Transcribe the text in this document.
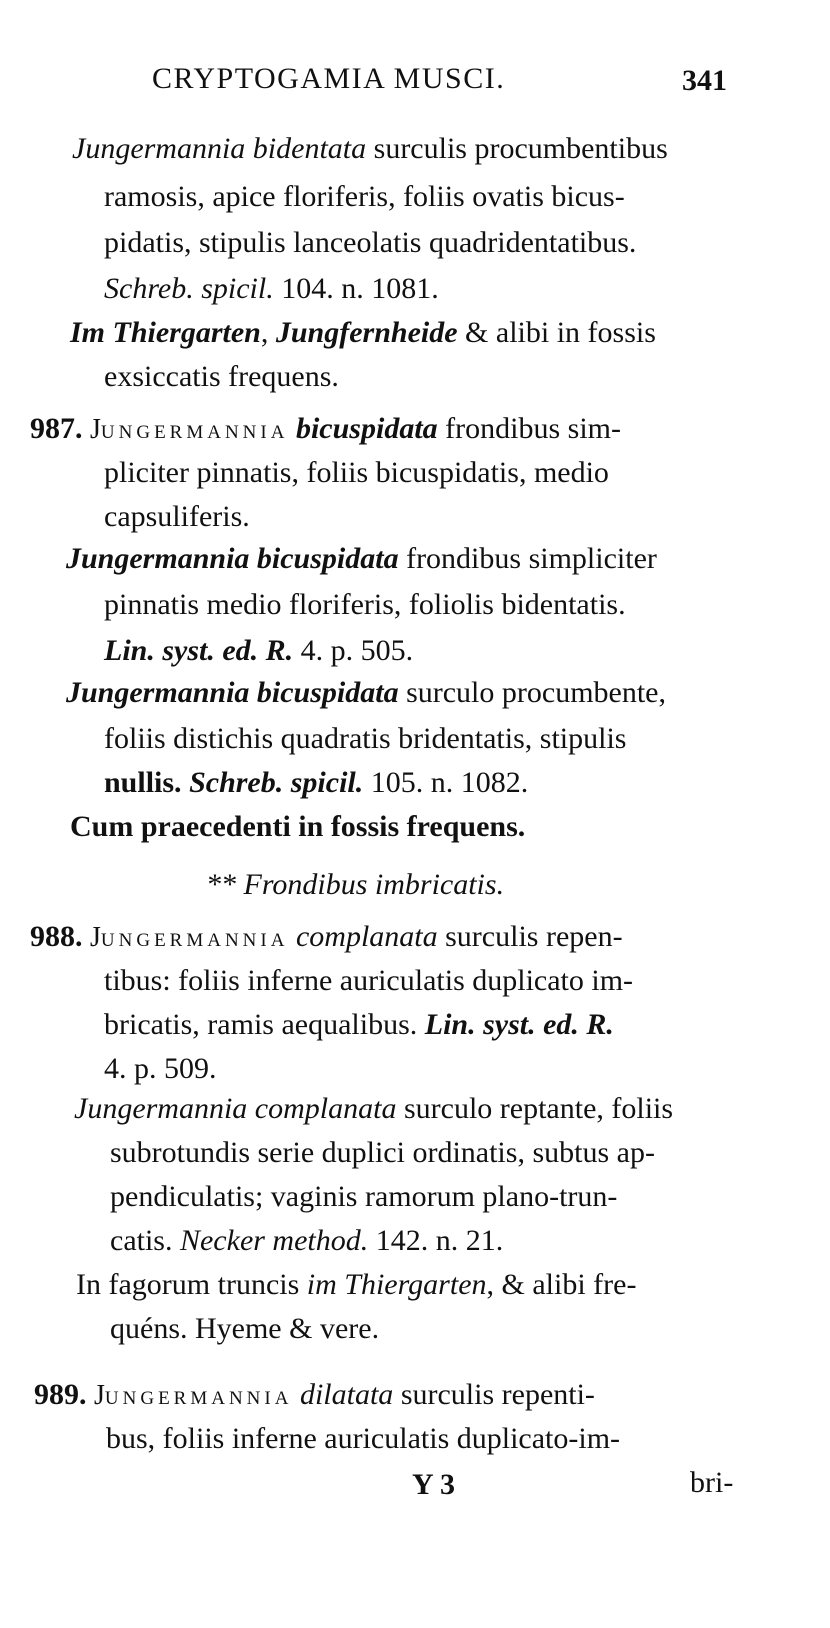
CRYPTOGAMIA MUSCI.	341
Jungermannia bidentata surculis procumbentibus
ramosis, apice floriferis, foliis ovatis bicus-
pidatis, stipulis lanceolatis quadridentatibus.
Schreb. spicil. 104. n. 1081.
Im Thiergarten, Jungfernheide & alibi in fossis
exsiccatis frequens.
987. JUNGERMANNIA bicuspidata frondibus sim-
pliciter pinnatis, foliis bicuspidatis, medio
capsuliferis.
Jungermannia bicuspidata frondibus simpliciter
pinnatis medio floriferis, foliolis bidentatis.
Lin. syst. ed. R. 4. p. 505.
Jungermannia bicuspidata surculo procumbente,
foliis distichis quadratis bridentatis, stipulis
nullis. Schreb. spicil. 105. n. 1082.
Cum praecedenti in fossis frequens.
** Frondibus imbricatis.
988. JUNGERMANNIA complanata surculis repen-
tibus: foliis inferne auriculatis duplicato im-
bricatis, ramis aequalibus. Lin. syst. ed. R.
4. p. 509.
Jungermannia complanata surculo reptante, foliis
subrotundis serie duplici ordinatis, subtus ap-
pendiculatis; vaginis ramorum plano-trun-
catis. Necker method. 142. n. 21.
In fagorum truncis im Thiergarten, & alibi fre-
quéns. Hyeme & vere.
989. JUNGERMANNIA dilatata surculis repenti-
bus, foliis inferne auriculatis duplicato-im-
Y 3	bri-
